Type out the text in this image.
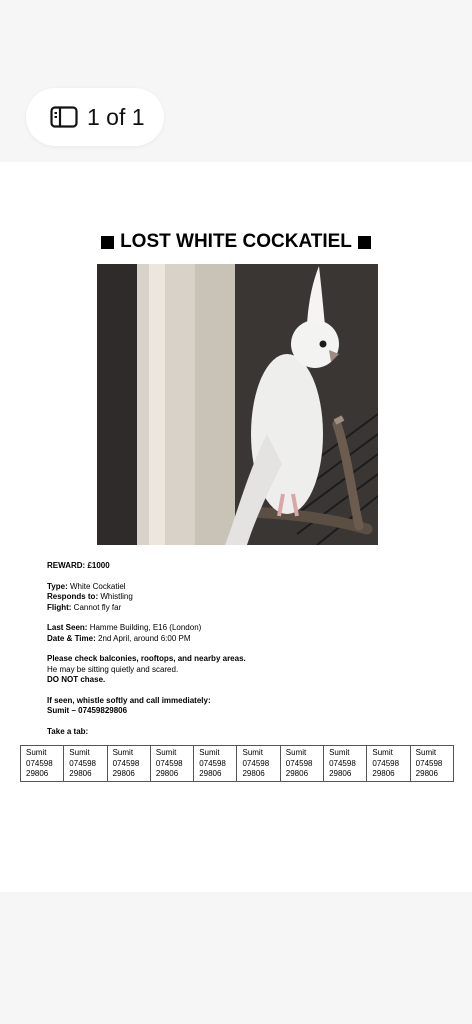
1 of 1
LOST WHITE COCKATIEL

REWARD: £1000

Type: White Cockatiel

Responds to: Whistling

Flight: Cannot fly far

Last Seen: Hamme Building, E16 (London)

Date & Time: 2nd April, around 6:00 PM

Please check balconies, rooftops, and nearby areas.

He may be sitting quietly and scared.

DO NOT chase.

If seen, whistle softly and call immediately:

Sumit – 07459829806

Take a tab:

Sumit
074598
29806	Sumit
074598
29806	Sumit
074598
29806	Sumit
074598
29806	Sumit
074598
29806	Sumit
074598
29806	Sumit
074598
29806	Sumit
074598
29806	Sumit
074598
29806	Sumit
074598
29806
